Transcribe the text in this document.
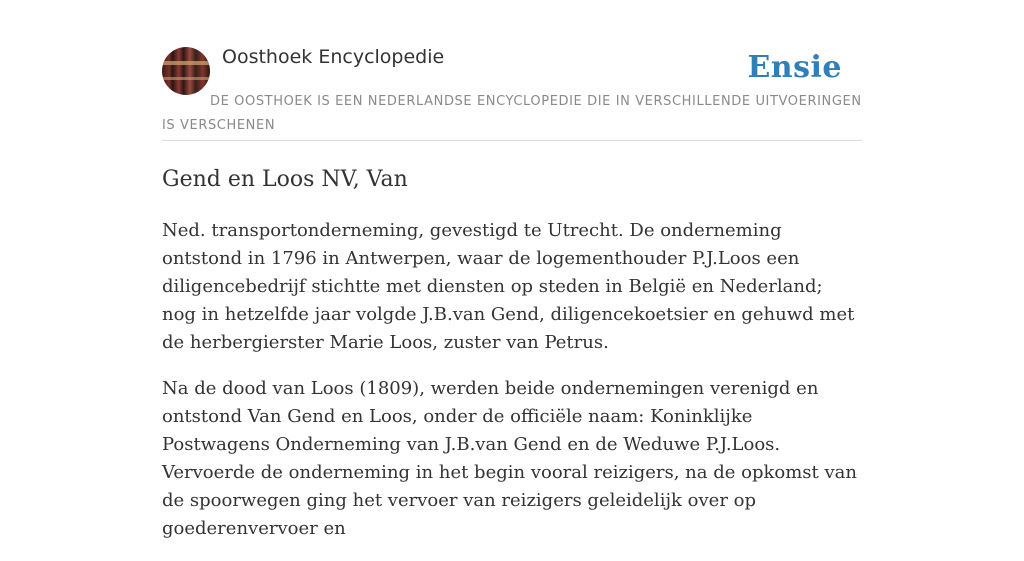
Oosthoek Encyclopedie	Ensie
DE OOSTHOEK IS EEN NEDERLANDSE ENCYCLOPEDIE DIE IN VERSCHILLENDE UITVOERINGEN IS VERSCHENEN
Gend en Loos NV, Van

Ned. transportonderneming, gevestigd te Utrecht. De onderneming ontstond in 1796 in Antwerpen, waar de logementhouder P.J.Loos een diligencebedrijf stichtte met diensten op steden in België en Nederland; nog in hetzelfde jaar volgde J.B.van Gend, diligencekoetsier en gehuwd met de herbergierster Marie Loos, zuster van Petrus.

Na de dood van Loos (1809), werden beide ondernemingen verenigd en ontstond Van Gend en Loos, onder de officiële naam: Koninklijke Postwagens Onderneming van J.B.van Gend en de Weduwe P.J.Loos. Vervoerde de onderneming in het begin vooral reizigers, na de opkomst van de spoorwegen ging het vervoer van reizigers geleidelijk over op goederenvervoer en
